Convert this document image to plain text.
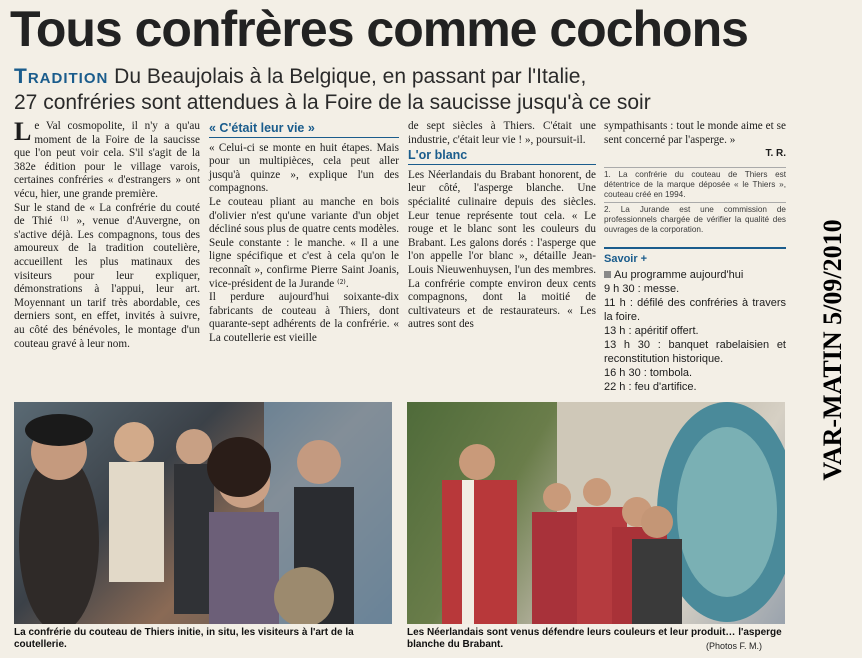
Tous confrères comme cochons
Tradition Du Beaujolais à la Belgique, en passant par l'Italie,
27 confréries sont attendues à la Foire de la saucisse jusqu'à ce soir

Le Val cosmopolite, il n'y a qu'au moment de la Foire de la saucisse que l'on peut voir cela. S'il s'agit de la 382e édition pour le village varois, certaines confréries « d'estrangers » ont vécu, hier, une grande première.

Sur le stand de « La confrérie du couté de Thié ⁽¹⁾ », venue d'Auvergne, on s'active déjà. Les compagnons, tous des amoureux de la tradition coutelière, accueillent les plus matinaux des visiteurs pour leur expliquer, démonstrations à l'appui, leur art. Moyennant un tarif très abordable, ces derniers sont, en effet, invités à suivre, au côté des bénévoles, le montage d'un couteau gravé à leur nom.

« C'était leur vie »

« Celui-ci se monte en huit étapes. Mais pour un multipièces, cela peut aller jusqu'à quinze », explique l'un des compagnons.

Le couteau pliant au manche en bois d'olivier n'est qu'une variante d'un objet décliné sous plus de quatre cents modèles. Seule constante : le manche. « Il a une ligne spécifique et c'est à cela qu'on le reconnaît », confirme Pierre Saint Joanis, vice-président de la Jurande ⁽²⁾.

Il perdure aujourd'hui soixante-dix fabricants de couteau à Thiers, dont quarante-sept adhérents de la confrérie. « La coutellerie est vieille

de sept siècles à Thiers. C'était une industrie, c'était leur vie ! », poursuit-il.

L'or blanc

Les Néerlandais du Brabant honorent, de leur côté, l'asperge blanche. Une spécialité culinaire depuis des siècles. Leur tenue représente tout cela. « Le rouge et le blanc sont les couleurs du Brabant. Les galons dorés : l'asperge que l'on appelle l'or blanc », détaille Jean-Louis Nieuwenhuysen, l'un des membres. La confrérie compte environ deux cents compagnons, dont la moitié de cultivateurs et de restaurateurs. « Les autres sont des

sympathisants : tout le monde aime et se sent concerné par l'asperge. »

T. R.
1. La confrérie du couteau de Thiers est détentrice de la marque déposée « le Thiers », couteau créé en 1994.
2. La Jurande est une commission de professionnels chargée de vérifier la qualité des ouvrages de la corporation.
Savoir +
Au programme aujourd'hui
9 h 30 : messe.
11 h : défilé des confréries à travers la foire.
13 h : apéritif offert.
13 h 30 : banquet rabelaisien et reconstitution historique.
16 h 30 : tombola.
22 h : feu d'artifice.
La confrérie du couteau de Thiers initie, in situ, les visiteurs à l'art de la coutellerie.
Les Néerlandais sont venus défendre leurs couleurs et leur produit… l'asperge blanche du Brabant.	(Photos F. M.)
VAR-MATIN 5/09/2010
